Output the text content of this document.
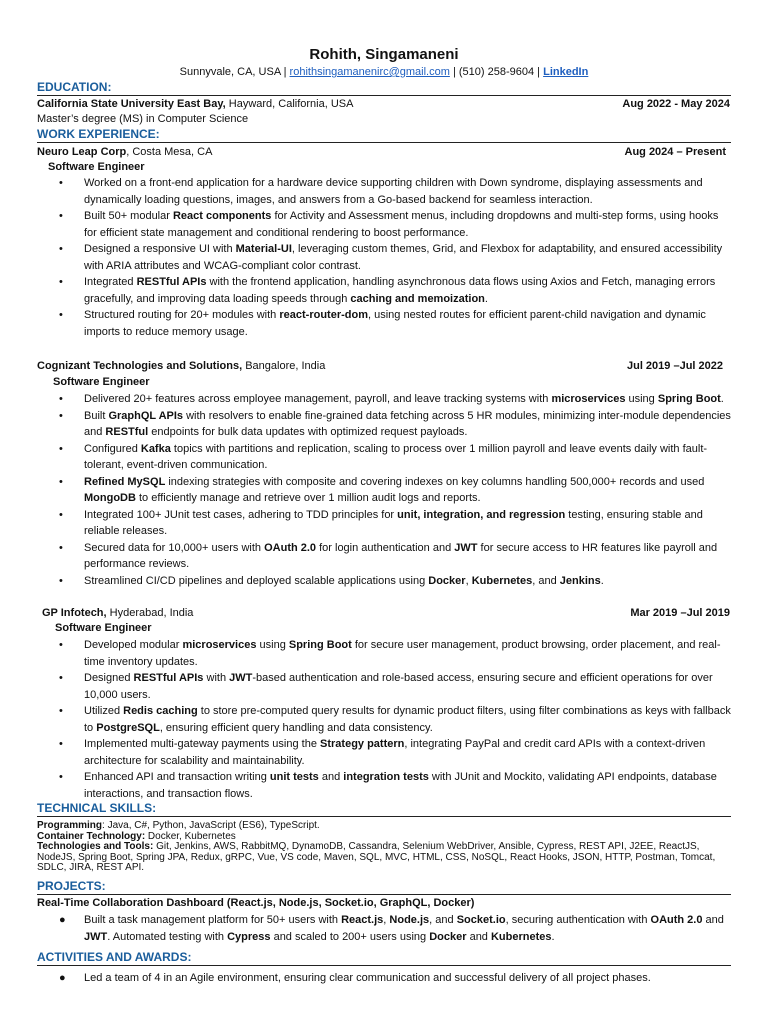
Rohith, Singamaneni
Sunnyvale, CA, USA | rohithsingamanenirc@gmail.com | (510) 258-9604 | LinkedIn
EDUCATION:
California State University East Bay, Hayward, California, USA	Aug 2022 - May 2024
Master’s degree (MS) in Computer Science
WORK EXPERIENCE:
Neuro Leap Corp, Costa Mesa, CA	Aug 2024 – Present
Software Engineer
• Worked on a front-end application for a hardware device supporting children with Down syndrome, displaying assessments and dynamically loading questions, images, and answers from a Go-based backend for seamless interaction.
• Built 50+ modular React components for Activity and Assessment menus, including dropdowns and multi-step forms, using hooks for efficient state management and conditional rendering to boost performance.
• Designed a responsive UI with Material-UI, leveraging custom themes, Grid, and Flexbox for adaptability, and ensured accessibility with ARIA attributes and WCAG-compliant color contrast.
• Integrated RESTful APIs with the frontend application, handling asynchronous data flows using Axios and Fetch, managing errors gracefully, and improving data loading speeds through caching and memoization.
• Structured routing for 20+ modules with react-router-dom, using nested routes for efficient parent-child navigation and dynamic imports to reduce memory usage.
Cognizant Technologies and Solutions, Bangalore, India	Jul 2019 –Jul 2022
Software Engineer
• Delivered 20+ features across employee management, payroll, and leave tracking systems with microservices using Spring Boot.
• Built GraphQL APIs with resolvers to enable fine-grained data fetching across 5 HR modules, minimizing inter-module dependencies and RESTful endpoints for bulk data updates with optimized request payloads.
• Configured Kafka topics with partitions and replication, scaling to process over 1 million payroll and leave events daily with fault-tolerant, event-driven communication.
• Refined MySQL indexing strategies with composite and covering indexes on key columns handling 500,000+ records and used MongoDB to efficiently manage and retrieve over 1 million audit logs and reports.
• Integrated 100+ JUnit test cases, adhering to TDD principles for unit, integration, and regression testing, ensuring stable and reliable releases.
• Secured data for 10,000+ users with OAuth 2.0 for login authentication and JWT for secure access to HR features like payroll and performance reviews.
• Streamlined CI/CD pipelines and deployed scalable applications using Docker, Kubernetes, and Jenkins.
GP Infotech, Hyderabad, India	Mar 2019 –Jul 2019
Software Engineer
• Developed modular microservices using Spring Boot for secure user management, product browsing, order placement, and real-time inventory updates.
• Designed RESTful APIs with JWT-based authentication and role-based access, ensuring secure and efficient operations for over 10,000 users.
• Utilized Redis caching to store pre-computed query results for dynamic product filters, using filter combinations as keys with fallback to PostgreSQL, ensuring efficient query handling and data consistency.
• Implemented multi-gateway payments using the Strategy pattern, integrating PayPal and credit card APIs with a context-driven architecture for scalability and maintainability.
• Enhanced API and transaction writing unit tests and integration tests with JUnit and Mockito, validating API endpoints, database interactions, and transaction flows.
TECHNICAL SKILLS:
Programming: Java, C#, Python, JavaScript (ES6), TypeScript.
Container Technology: Docker, Kubernetes
Technologies and Tools: Git, Jenkins, AWS, RabbitMQ, DynamoDB, Cassandra, Selenium WebDriver, Ansible, Cypress, REST API, J2EE, ReactJS, NodeJS, Spring Boot, Spring JPA, Redux, gRPC, Vue, VS code, Maven, SQL, MVC, HTML, CSS, NoSQL, React Hooks, JSON, HTTP, Postman, Tomcat, SDLC, JIRA, REST API.
PROJECTS:
Real-Time Collaboration Dashboard (React.js, Node.js, Socket.io, GraphQL, Docker)
● Built a task management platform for 50+ users with React.js, Node.js, and Socket.io, securing authentication with OAuth 2.0 and JWT. Automated testing with Cypress and scaled to 200+ users using Docker and Kubernetes.
ACTIVITIES AND AWARDS:
● Led a team of 4 in an Agile environment, ensuring clear communication and successful delivery of all project phases.
